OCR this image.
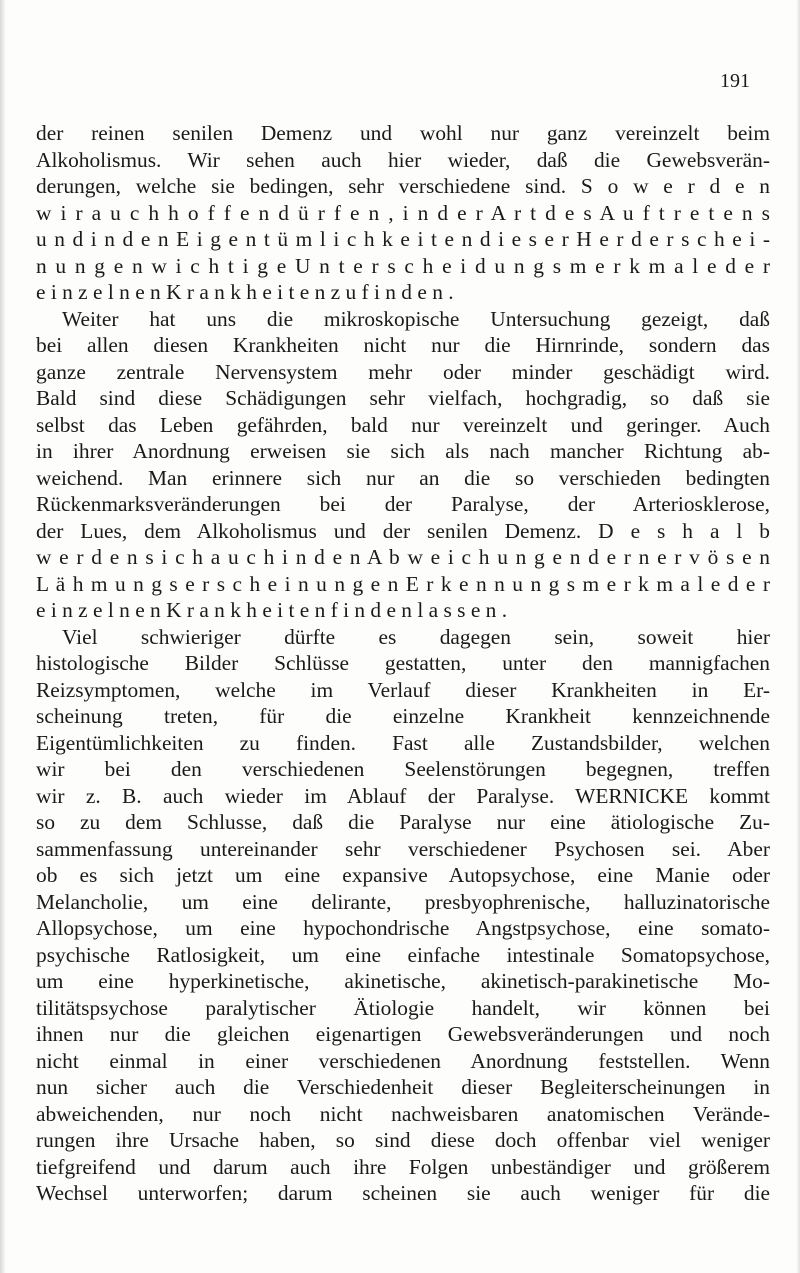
191
der reinen senilen Demenz und wohl nur ganz vereinzelt beim
Alkoholismus. Wir sehen auch hier wieder, daß die Gewebsverän-
derungen, welche sie bedingen, sehr verschiedene sind. S o w e r d e n
w i r a u c h h o f f e n d ü r f e n , i n d e r A r t d e s A u f t r e t e n s
u n d i n d e n E i g e n t ü m l i c h k e i t e n d i e s e r H e r d e r s c h e i -
n u n g e n w i c h t i g e U n t e r s c h e i d u n g s m e r k m a l e d e r
e i n z e l n e n K r a n k h e i t e n z u f i n d e n .
Weiter hat uns die mikroskopische Untersuchung gezeigt, daß
bei allen diesen Krankheiten nicht nur die Hirnrinde, sondern das
ganze zentrale Nervensystem mehr oder minder geschädigt wird.
Bald sind diese Schädigungen sehr vielfach, hochgradig, so daß sie
selbst das Leben gefährden, bald nur vereinzelt und geringer. Auch
in ihrer Anordnung erweisen sie sich als nach mancher Richtung ab-
weichend. Man erinnere sich nur an die so verschieden bedingten
Rückenmarksveränderungen bei der Paralyse, der Arteriosklerose,
der Lues, dem Alkoholismus und der senilen Demenz. D e s h a l b
w e r d e n s i c h a u c h i n d e n A b w e i c h u n g e n d e r n e r v ö s e n
L ä h m u n g s e r s c h e i n u n g e n E r k e n n u n g s m e r k m a l e d e r
e i n z e l n e n K r a n k h e i t e n f i n d e n l a s s e n .
Viel schwieriger dürfte es dagegen sein, soweit hier
histologische Bilder Schlüsse gestatten, unter den mannigfachen
Reizsymptomen, welche im Verlauf dieser Krankheiten in Er-
scheinung treten, für die einzelne Krankheit kennzeichnende
Eigentümlichkeiten zu finden. Fast alle Zustandsbilder, welchen
wir bei den verschiedenen Seelenstörungen begegnen, treffen
wir z. B. auch wieder im Ablauf der Paralyse. WERNICKE kommt
so zu dem Schlusse, daß die Paralyse nur eine ätiologische Zu-
sammenfassung untereinander sehr verschiedener Psychosen sei. Aber
ob es sich jetzt um eine expansive Autopsychose, eine Manie oder
Melancholie, um eine delirante, presbyophrenische, halluzinatorische
Allopsychose, um eine hypochondrische Angstpsychose, eine somato-
psychische Ratlosigkeit, um eine einfache intestinale Somatopsychose,
um eine hyperkinetische, akinetische, akinetisch-parakinetische Mo-
tilitätspsychose paralytischer Ätiologie handelt, wir können bei
ihnen nur die gleichen eigenartigen Gewebsveränderungen und noch
nicht einmal in einer verschiedenen Anordnung feststellen. Wenn
nun sicher auch die Verschiedenheit dieser Begleiterscheinungen in
abweichenden, nur noch nicht nachweisbaren anatomischen Verände-
rungen ihre Ursache haben, so sind diese doch offenbar viel weniger
tiefgreifend und darum auch ihre Folgen unbeständiger und größerem
Wechsel unterworfen; darum scheinen sie auch weniger für die
